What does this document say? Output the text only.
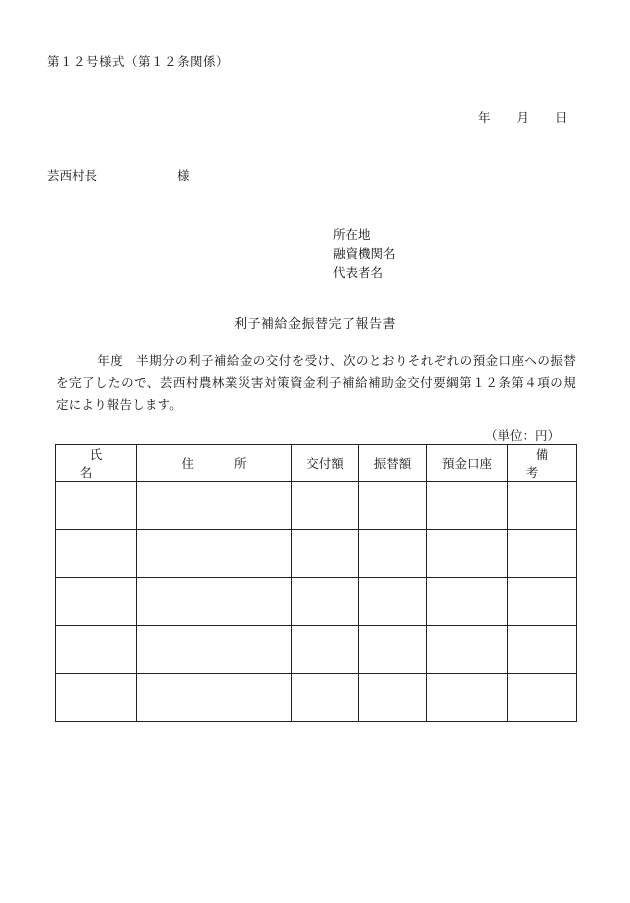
第１２号様式（第１２条関係）
年 月 日
芸西村長	様
所在地
融資機関名
代表者名
利子補給金振替完了報告書
年度　 半期分の利子補給金の交付を受け、次のとおりそれぞれの預金口座への振替を完了したので、芸西村農林業災害対策資金利子補給補助金交付要綱第１２条第４項の規定により報告します。
（単位：円）
氏名	住所	交付額	振替額	預金口座	備考
